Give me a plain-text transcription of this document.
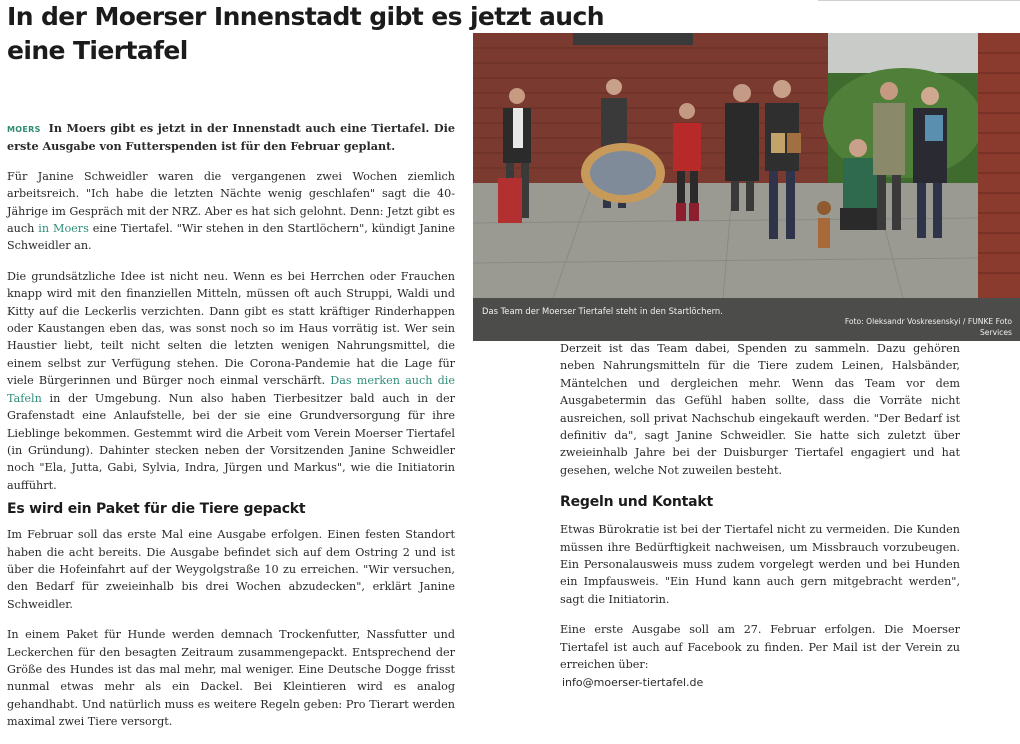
In der Moerser Innenstadt gibt es jetzt auch eine Tiertafel

MOERS In Moers gibt es jetzt in der Innenstadt auch eine Tiertafel. Die erste Ausgabe von Futterspenden ist für den Februar geplant.

Für Janine Schweidler waren die vergangenen zwei Wochen ziemlich arbeitsreich. "Ich habe die letzten Nächte wenig geschlafen" sagt die 40-Jährige im Gespräch mit der NRZ. Aber es hat sich gelohnt. Denn: Jetzt gibt es auch in Moers eine Tiertafel. "Wir stehen in den Startlöchern", kündigt Janine Schweidler an.

Die grundsätzliche Idee ist nicht neu. Wenn es bei Herrchen oder Frauchen knapp wird mit den finanziellen Mitteln, müssen oft auch Struppi, Waldi und Kitty auf die Leckerlis verzichten. Dann gibt es statt kräftiger Rinderhappen oder Kaustangen eben das, was sonst noch so im Haus vorrätig ist. Wer sein Haustier liebt, teilt nicht selten die letzten wenigen Nahrungsmittel, die einem selbst zur Verfügung stehen. Die Corona-Pandemie hat die Lage für viele Bürgerinnen und Bürger noch einmal verschärft. Das merken auch die Tafeln in der Umgebung. Nun also haben Tierbesitzer bald auch in der Grafenstadt eine Anlaufstelle, bei der sie eine Grundversorgung für ihre Lieblinge bekommen. Gestemmt wird die Arbeit vom Verein Moerser Tiertafel (in Gründung). Dahinter stecken neben der Vorsitzenden Janine Schweidler noch "Ela, Jutta, Gabi, Sylvia, Indra, Jürgen und Markus", wie die Initiatorin aufführt.

Es wird ein Paket für die Tiere gepackt

Im Februar soll das erste Mal eine Ausgabe erfolgen. Einen festen Standort haben die acht bereits. Die Ausgabe befindet sich auf dem Ostring 2 und ist über die Hofeinfahrt auf der Weygolgstraße 10 zu erreichen. "Wir versuchen, den Bedarf für zweieinhalb bis drei Wochen abzudecken", erklärt Janine Schweidler.

In einem Paket für Hunde werden demnach Trockenfutter, Nassfutter und Leckerchen für den besagten Zeitraum zusammengepackt. Entsprechend der Größe des Hundes ist das mal mehr, mal weniger. Eine Deutsche Dogge frisst nunmal etwas mehr als ein Dackel. Bei Kleintieren wird es analog gehandhabt. Und natürlich muss es weitere Regeln geben: Pro Tierart werden maximal zwei Tiere versorgt.

Das Team der Moerser Tiertafel steht in den Startlöchern.
Foto: Oleksandr Voskresenskyi / FUNKE Foto Services

Derzeit ist das Team dabei, Spenden zu sammeln. Dazu gehören neben Nahrungsmitteln für die Tiere zudem Leinen, Halsbänder, Mäntelchen und dergleichen mehr. Wenn das Team vor dem Ausgabetermin das Gefühl haben sollte, dass die Vorräte nicht ausreichen, soll privat Nachschub eingekauft werden. "Der Bedarf ist definitiv da", sagt Janine Schweidler. Sie hatte sich zuletzt über zweieinhalb Jahre bei der Duisburger Tiertafel engagiert und hat gesehen, welche Not zuweilen besteht.

Regeln und Kontakt

Etwas Bürokratie ist bei der Tiertafel nicht zu vermeiden. Die Kunden müssen ihre Bedürftigkeit nachweisen, um Missbrauch vorzubeugen. Ein Personalausweis muss zudem vorgelegt werden und bei Hunden ein Impfausweis. "Ein Hund kann auch gern mitgebracht werden", sagt die Initiatorin.

Eine erste Ausgabe soll am 27. Februar erfolgen. Die Moerser Tiertafel ist auch auf Facebook zu finden. Per Mail ist der Verein zu erreichen über:
info@moerser-tiertafel.de
